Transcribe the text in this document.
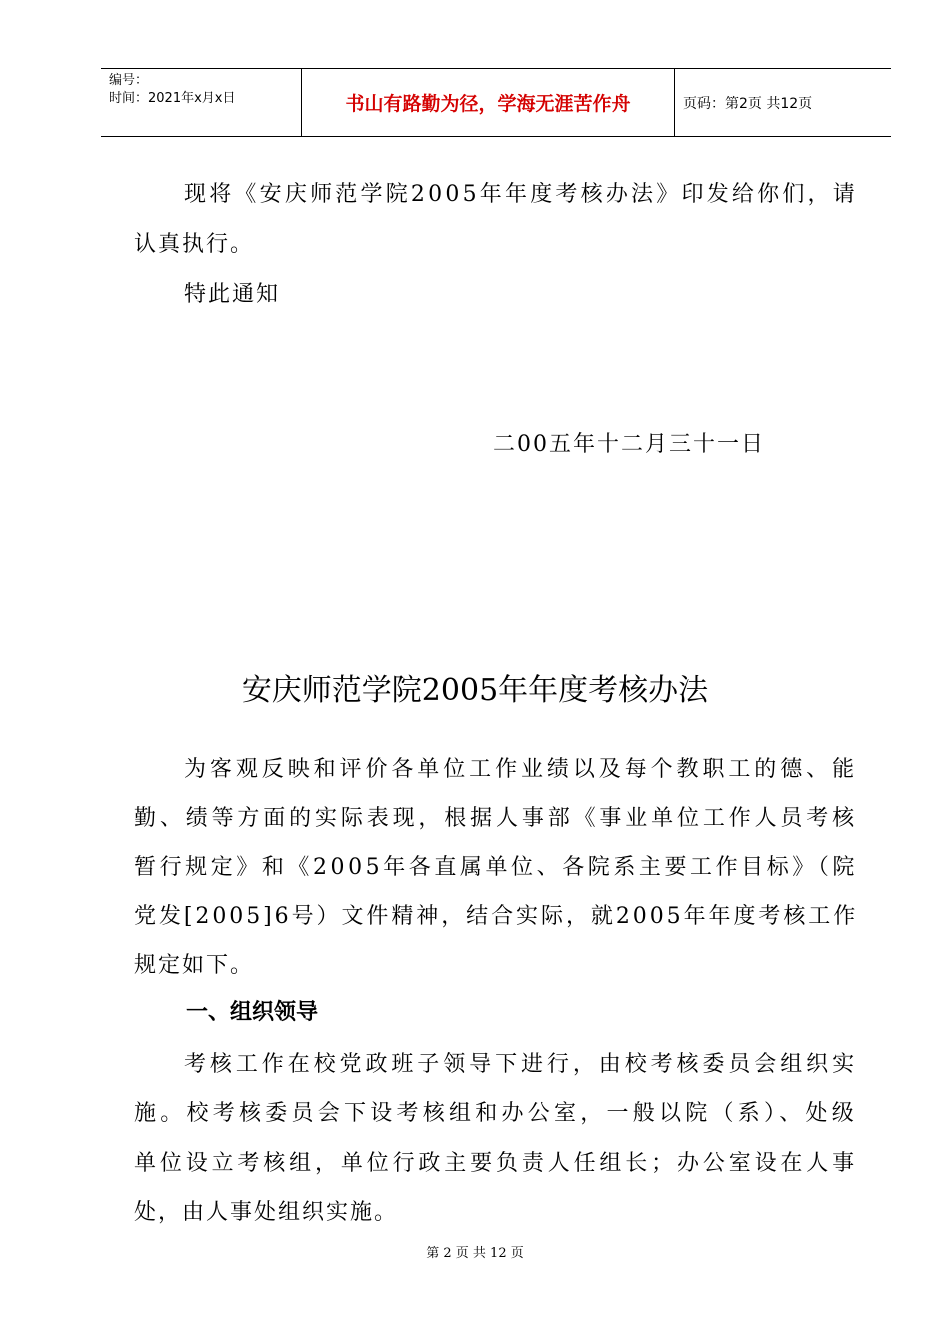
编号：
时间：2021年x月x日	书山有路勤为径，学海无涯苦作舟	页码：第2页 共12页
现将《安庆师范学院2005年年度考核办法》印发给你们，请
认真执行。
特此通知
二00五年十二月三十一日
安庆师范学院2005年年度考核办法
为客观反映和评价各单位工作业绩以及每个教职工的德、能
勤、绩等方面的实际表现，根据人事部《事业单位工作人员考核
暂行规定》和《2005年各直属单位、各院系主要工作目标》（院
党发[2005]6号）文件精神，结合实际，就2005年年度考核工作
规定如下。
一、组织领导
考核工作在校党政班子领导下进行，由校考核委员会组织实
施。校考核委员会下设考核组和办公室，一般以院（系）、处级
单位设立考核组，单位行政主要负责人任组长；办公室设在人事
处，由人事处组织实施。
第 2 页 共 12 页
